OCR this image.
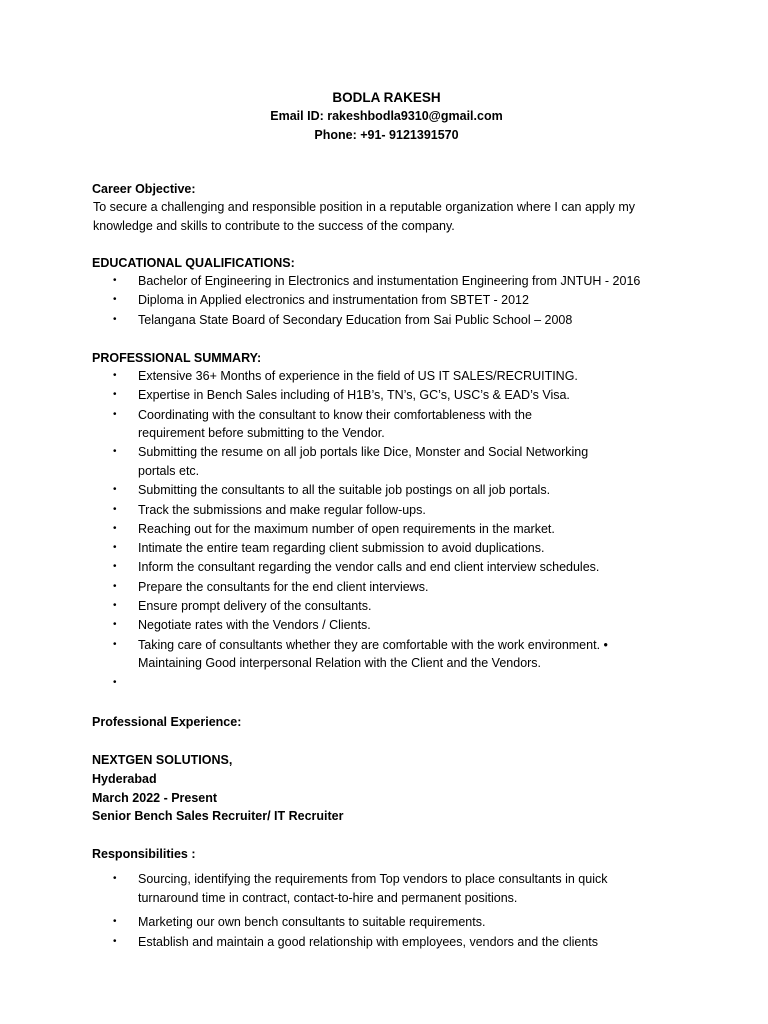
BODLA RAKESH
Email ID: rakeshbodla9310@gmail.com
Phone: +91- 9121391570
Career Objective:
To secure a challenging and responsible position in a reputable organization where I can apply my
knowledge and skills to contribute to the success of the company.
EDUCATIONAL QUALIFICATIONS:
• Bachelor of Engineering in Electronics and instumentation Engineering from JNTUH - 2016
• Diploma in Applied electronics and instrumentation from SBTET - 2012
• Telangana State Board of Secondary Education from Sai Public School – 2008
PROFESSIONAL SUMMARY:
• Extensive 36+ Months of experience in the field of US IT SALES/RECRUITING.
• Expertise in Bench Sales including of H1B’s, TN’s, GC’s, USC’s & EAD’s Visa.
• Coordinating with the consultant to know their comfortableness with the requirement before submitting to the Vendor.
• Submitting the resume on all job portals like Dice, Monster and Social Networking portals etc.
• Submitting the consultants to all the suitable job postings on all job portals.
• Track the submissions and make regular follow-ups.
• Reaching out for the maximum number of open requirements in the market.
• Intimate the entire team regarding client submission to avoid duplications.
• Inform the consultant regarding the vendor calls and end client interview schedules.
• Prepare the consultants for the end client interviews.
• Ensure prompt delivery of the consultants.
• Negotiate rates with the Vendors / Clients.
• Taking care of consultants whether they are comfortable with the work environment. • Maintaining Good interpersonal Relation with the Client and the Vendors.
•

Professional Experience:
NEXTGEN SOLUTIONS,
Hyderabad
March 2022 - Present
Senior Bench Sales Recruiter/ IT Recruiter
Responsibilities :
• Sourcing, identifying the requirements from Top vendors to place consultants in quick turnaround time in contract, contact-to-hire and permanent positions.
• Marketing our own bench consultants to suitable requirements.
• Establish and maintain a good relationship with employees, vendors and the clients
